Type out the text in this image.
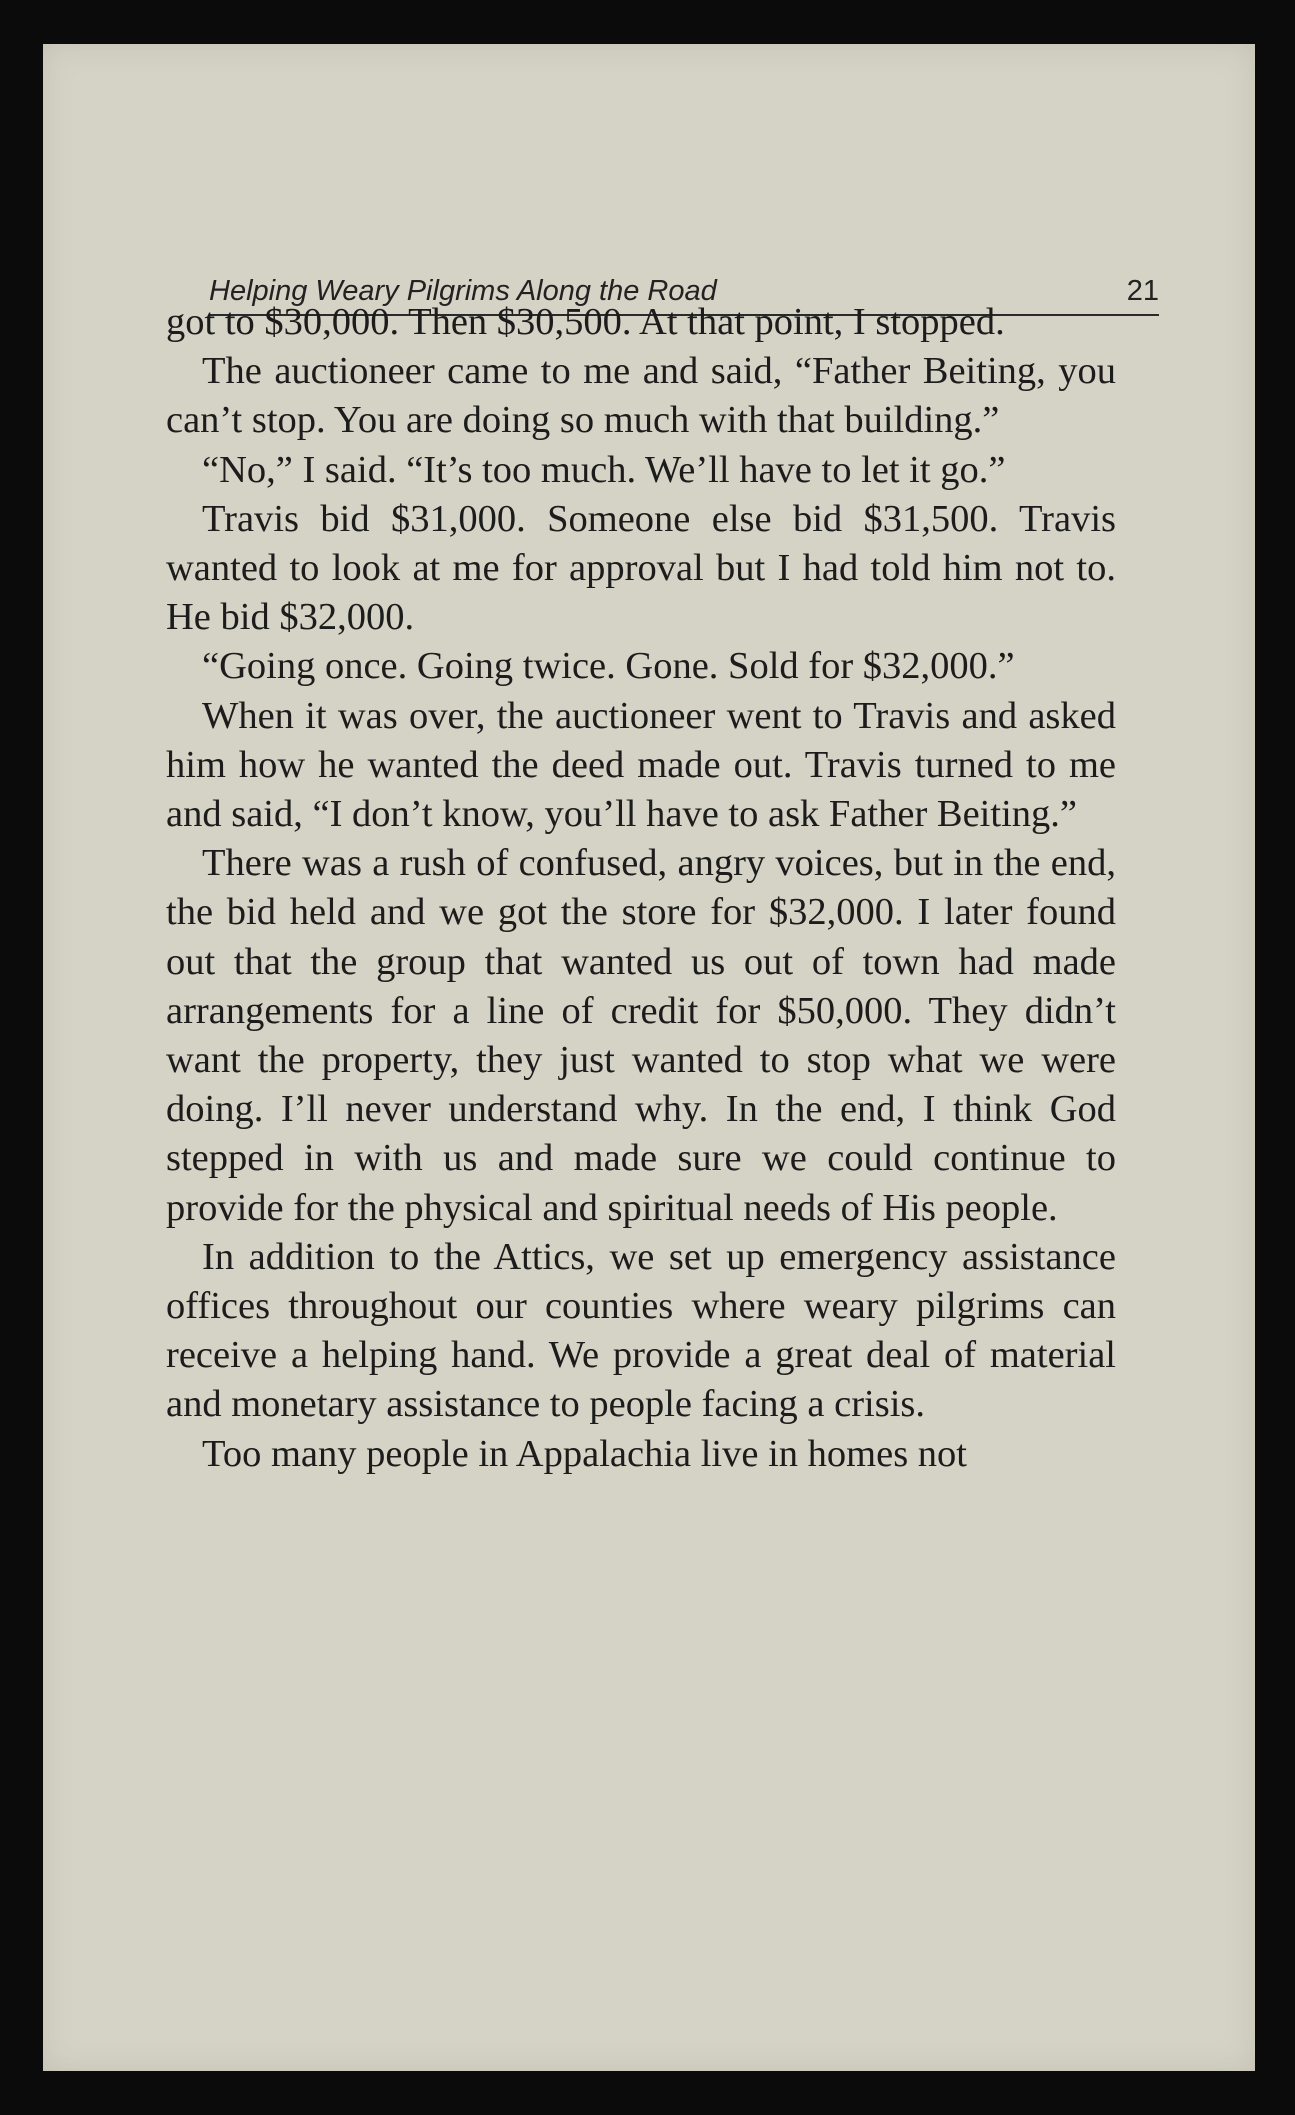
Helping Weary Pilgrims Along the Road	21

got to $30,000. Then $30,500. At that point, I stopped.

The auctioneer came to me and said, “Father Beiting, you can’t stop. You are doing so much with that building.”

“No,” I said. “It’s too much. We’ll have to let it go.”

Travis bid $31,000. Someone else bid $31,500. Travis wanted to look at me for approval but I had told him not to. He bid $32,000.

“Going once. Going twice. Gone. Sold for $32,000.”

When it was over, the auctioneer went to Travis and asked him how he wanted the deed made out. Travis turned to me and said, “I don’t know, you’ll have to ask Father Beiting.”

There was a rush of confused, angry voices, but in the end, the bid held and we got the store for $32,000. I later found out that the group that wanted us out of town had made arrangements for a line of credit for $50,000. They didn’t want the property, they just wanted to stop what we were doing. I’ll never understand why. In the end, I think God stepped in with us and made sure we could continue to provide for the physical and spiritual needs of His people.

In addition to the Attics, we set up emergency assistance offices throughout our counties where weary pilgrims can receive a helping hand. We provide a great deal of material and monetary assistance to people facing a crisis.

Too many people in Appalachia live in homes not
